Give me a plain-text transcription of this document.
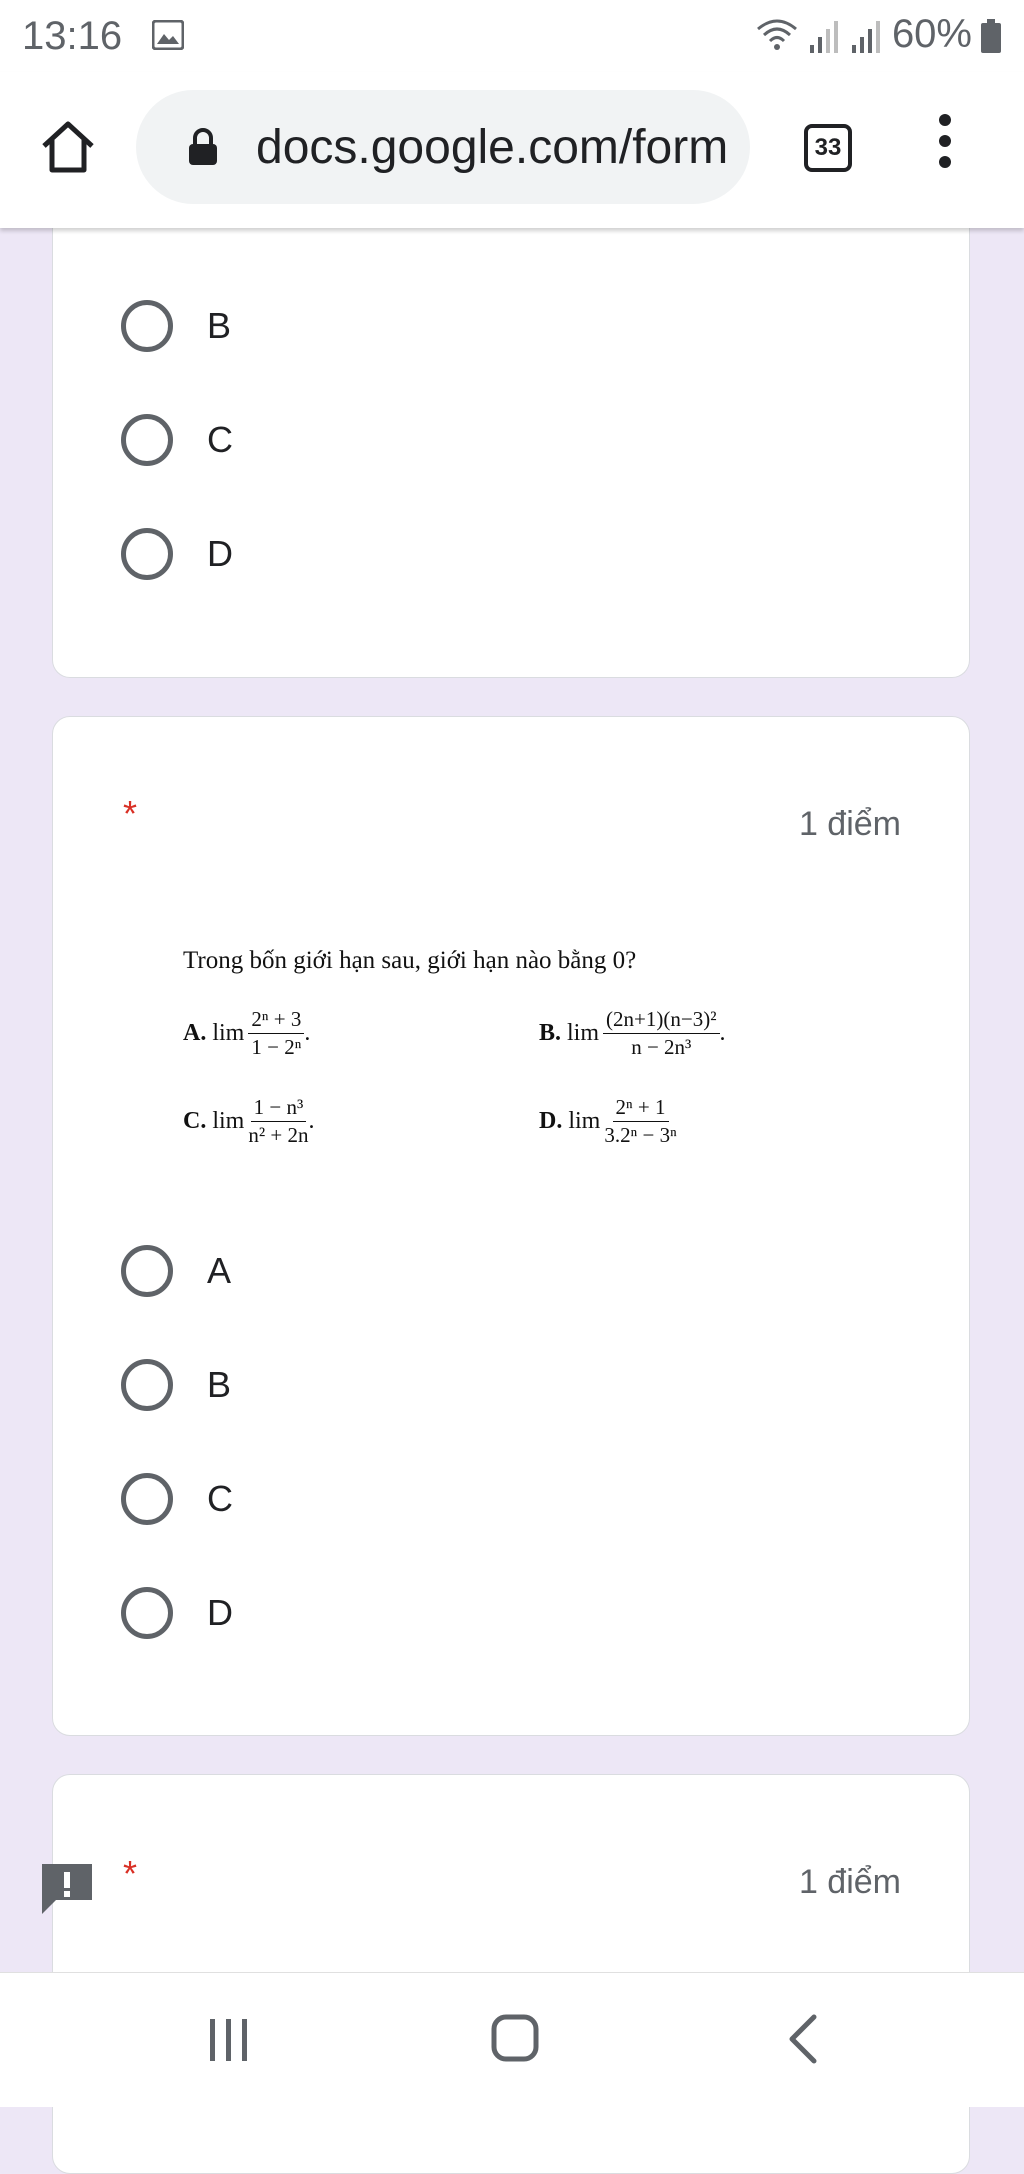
13:16	60%
docs.google.com/form	33
B
C
D
*	1 điểm
Trong bốn giới hạn sau, giới hạn nào bằng 0?
A. $\lim \frac{\text{2ⁿ + 3}}{\text{1 − 2ⁿ}}$ .	B. $\lim \frac{\text{(2n+1)(n−3)²}}{\text{n − 2n³}}$ .
C. $\lim \frac{\text{1 − n³}}{\text{n² + 2n}}$ .	D. $\lim \frac{\text{2ⁿ + 1}}{\text{3.2ⁿ − 3ⁿ}}$
A
B
C
D
*	1 điểm
